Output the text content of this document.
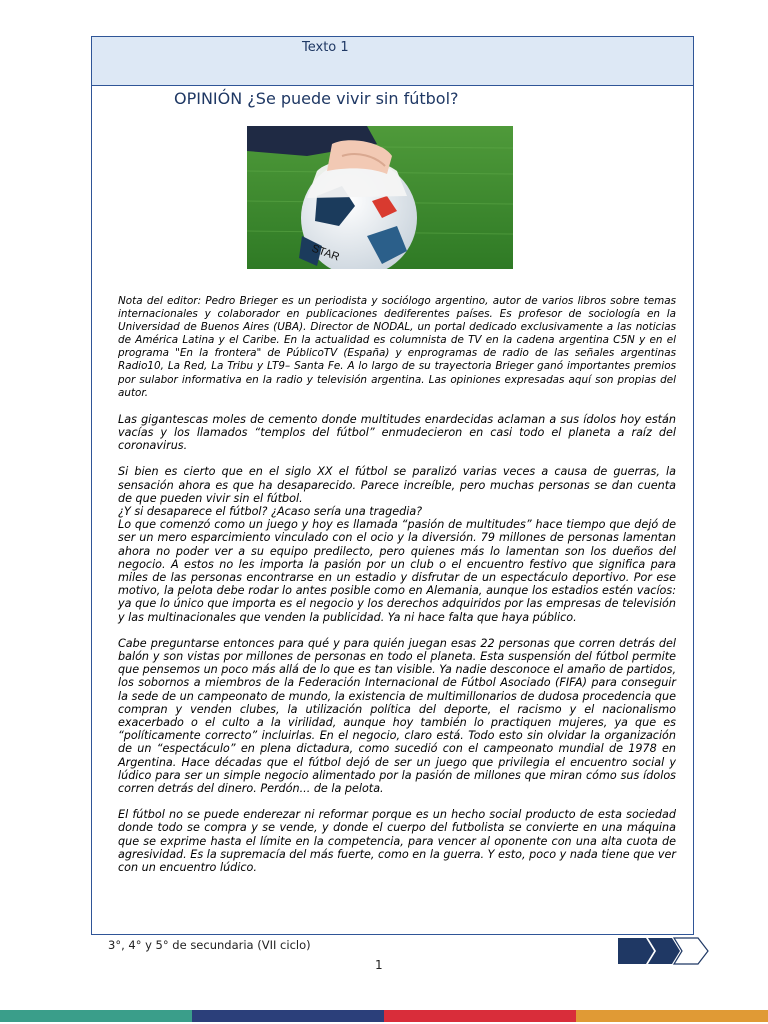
Texto 1
OPINIÓN ¿Se puede vivir sin fútbol?
STAR

Nota del editor: Pedro Brieger es un periodista y sociólogo argentino, autor de varios libros sobre temas internacionales y colaborador en publicaciones dediferentes países. Es profesor de sociología en la Universidad de Buenos Aires (UBA). Director de NODAL, un portal dedicado exclusivamente a las noticias de América Latina y el Caribe. En la actualidad es columnista de TV en la cadena argentina C5N y en el programa "En la frontera" de PúblicoTV (España) y enprogramas de radio de las señales argentinas Radio10, La Red, La Tribu y LT9– Santa Fe. A lo largo de su trayectoria Brieger ganó importantes premios por sulabor informativa en la radio y televisión argentina. Las opiniones expresadas aquí son propias del autor.

Las gigantescas moles de cemento donde multitudes enardecidas aclaman a sus ídolos hoy están vacías y los llamados “templos del fútbol” enmudecieron en casi todo el planeta a raíz del coronavirus.

Si bien es cierto que en el siglo XX el fútbol se paralizó varias veces a causa de guerras, la sensación ahora es que ha desaparecido. Parece increíble, pero muchas personas se dan cuenta de que pueden vivir sin el fútbol.

¿Y si desaparece el fútbol? ¿Acaso sería una tragedia?

Lo que comenzó como un juego y hoy es llamada “pasión de multitudes” hace tiempo que dejó de ser un mero esparcimiento vinculado con el ocio y la diversión. 79 millones de personas lamentan ahora no poder ver a su equipo predilecto, pero quienes más lo lamentan son los dueños del negocio. A estos no les importa la pasión por un club o el encuentro festivo que significa para miles de las personas encontrarse en un estadio y disfrutar de un espectáculo deportivo. Por ese motivo, la pelota debe rodar lo antes posible como en Alemania, aunque los estadios estén vacíos: ya que lo único que importa es el negocio y los derechos adquiridos por las empresas de televisión y las multinacionales que venden la publicidad. Ya ni hace falta que haya público.

Cabe preguntarse entonces para qué y para quién juegan esas 22 personas que corren detrás del balón y son vistas por millones de personas en todo el planeta. Esta suspensión del fútbol permite que pensemos un poco más allá de lo que es tan visible. Ya nadie desconoce el amaño de partidos, los sobornos a miembros de la Federación Internacional de Fútbol Asociado (FIFA) para conseguir la sede de un campeonato de mundo, la existencia de multimillonarios de dudosa procedencia que compran y venden clubes, la utilización política del deporte, el racismo y el nacionalismo exacerbado o el culto a la virilidad, aunque hoy también lo practiquen mujeres, ya que es “políticamente correcto” incluirlas. En el negocio, claro está. Todo esto sin olvidar la organización de un “espectáculo” en plena dictadura, como sucedió con el campeonato mundial de 1978 en Argentina. Hace décadas que el fútbol dejó de ser un juego que privilegia el encuentro social y lúdico para ser un simple negocio alimentado por la pasión de millones que miran cómo sus ídolos corren detrás del dinero. Perdón... de la pelota.

El fútbol no se puede enderezar ni reformar porque es un hecho social producto de esta sociedad donde todo se compra y se vende, y donde el cuerpo del futbolista se convierte en una máquina que se exprime hasta el límite en la competencia, para vencer al oponente con una alta cuota de agresividad. Es la supremacía del más fuerte, como en la guerra. Y esto, poco y nada tiene que ver con un encuentro lúdico.

3°, 4° y 5° de secundaria (VII ciclo)
1
